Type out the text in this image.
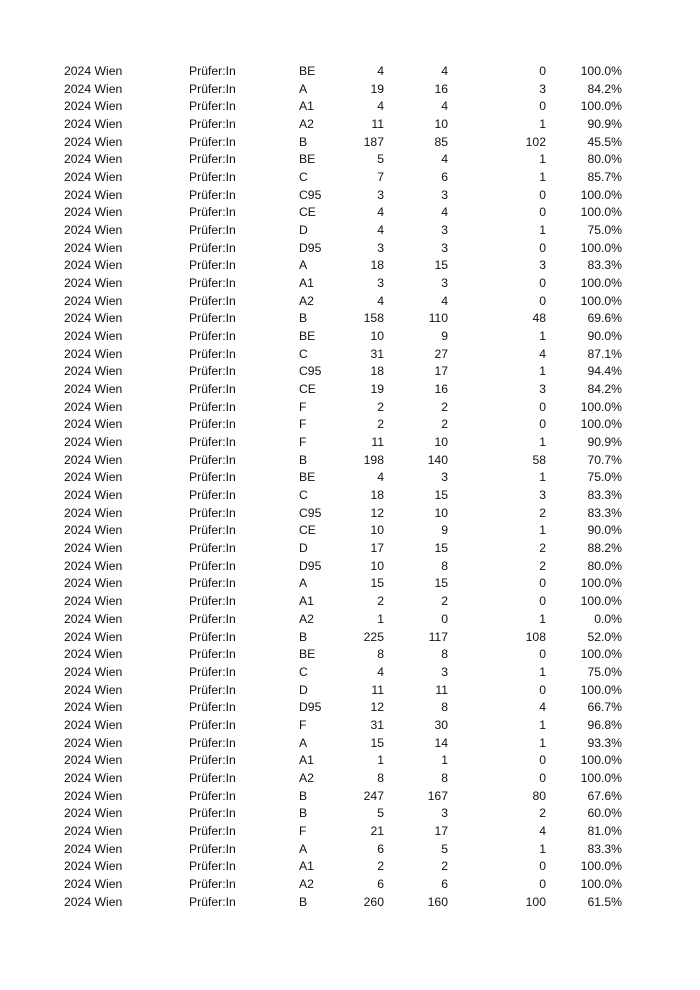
2024 Wien	Prüfer:In	BE	4	4	0	100.0%
2024 Wien	Prüfer:In	A	19	16	3	84.2%
2024 Wien	Prüfer:In	A1	4	4	0	100.0%
2024 Wien	Prüfer:In	A2	11	10	1	90.9%
2024 Wien	Prüfer:In	B	187	85	102	45.5%
2024 Wien	Prüfer:In	BE	5	4	1	80.0%
2024 Wien	Prüfer:In	C	7	6	1	85.7%
2024 Wien	Prüfer:In	C95	3	3	0	100.0%
2024 Wien	Prüfer:In	CE	4	4	0	100.0%
2024 Wien	Prüfer:In	D	4	3	1	75.0%
2024 Wien	Prüfer:In	D95	3	3	0	100.0%
2024 Wien	Prüfer:In	A	18	15	3	83.3%
2024 Wien	Prüfer:In	A1	3	3	0	100.0%
2024 Wien	Prüfer:In	A2	4	4	0	100.0%
2024 Wien	Prüfer:In	B	158	110	48	69.6%
2024 Wien	Prüfer:In	BE	10	9	1	90.0%
2024 Wien	Prüfer:In	C	31	27	4	87.1%
2024 Wien	Prüfer:In	C95	18	17	1	94.4%
2024 Wien	Prüfer:In	CE	19	16	3	84.2%
2024 Wien	Prüfer:In	F	2	2	0	100.0%
2024 Wien	Prüfer:In	F	2	2	0	100.0%
2024 Wien	Prüfer:In	F	11	10	1	90.9%
2024 Wien	Prüfer:In	B	198	140	58	70.7%
2024 Wien	Prüfer:In	BE	4	3	1	75.0%
2024 Wien	Prüfer:In	C	18	15	3	83.3%
2024 Wien	Prüfer:In	C95	12	10	2	83.3%
2024 Wien	Prüfer:In	CE	10	9	1	90.0%
2024 Wien	Prüfer:In	D	17	15	2	88.2%
2024 Wien	Prüfer:In	D95	10	8	2	80.0%
2024 Wien	Prüfer:In	A	15	15	0	100.0%
2024 Wien	Prüfer:In	A1	2	2	0	100.0%
2024 Wien	Prüfer:In	A2	1	0	1	0.0%
2024 Wien	Prüfer:In	B	225	117	108	52.0%
2024 Wien	Prüfer:In	BE	8	8	0	100.0%
2024 Wien	Prüfer:In	C	4	3	1	75.0%
2024 Wien	Prüfer:In	D	11	11	0	100.0%
2024 Wien	Prüfer:In	D95	12	8	4	66.7%
2024 Wien	Prüfer:In	F	31	30	1	96.8%
2024 Wien	Prüfer:In	A	15	14	1	93.3%
2024 Wien	Prüfer:In	A1	1	1	0	100.0%
2024 Wien	Prüfer:In	A2	8	8	0	100.0%
2024 Wien	Prüfer:In	B	247	167	80	67.6%
2024 Wien	Prüfer:In	B	5	3	2	60.0%
2024 Wien	Prüfer:In	F	21	17	4	81.0%
2024 Wien	Prüfer:In	A	6	5	1	83.3%
2024 Wien	Prüfer:In	A1	2	2	0	100.0%
2024 Wien	Prüfer:In	A2	6	6	0	100.0%
2024 Wien	Prüfer:In	B	260	160	100	61.5%
